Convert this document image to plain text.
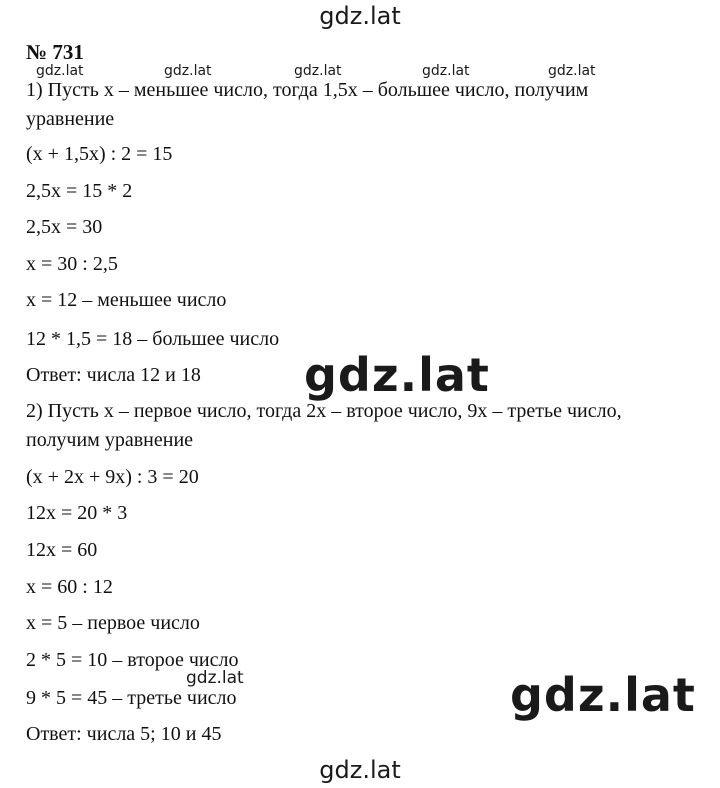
gdz.lat
gdz.lat	gdz.lat	gdz.lat	gdz.lat	gdz.lat
№ 731
1) Пусть х – меньшее число, тогда 1,5х – большее число, получим
уравнение
(х + 1,5х) : 2 = 15
2,5х = 15 * 2
2,5х = 30
х = 30 : 2,5
х = 12 – меньшее число
12 * 1,5 = 18 – большее число
Ответ: числа 12 и 18
2) Пусть х – первое число, тогда 2х – второе число, 9х – третье число,
получим уравнение
(х + 2х + 9х) : 3 = 20
12х = 20 * 3
12х = 60
х = 60 : 12
х = 5 – первое число
2 * 5 = 10 – второе число
9 * 5 = 45 – третье число
Ответ: числа 5; 10 и 45
gdz.lat
gdz.lat	gdz.lat
gdz.lat
